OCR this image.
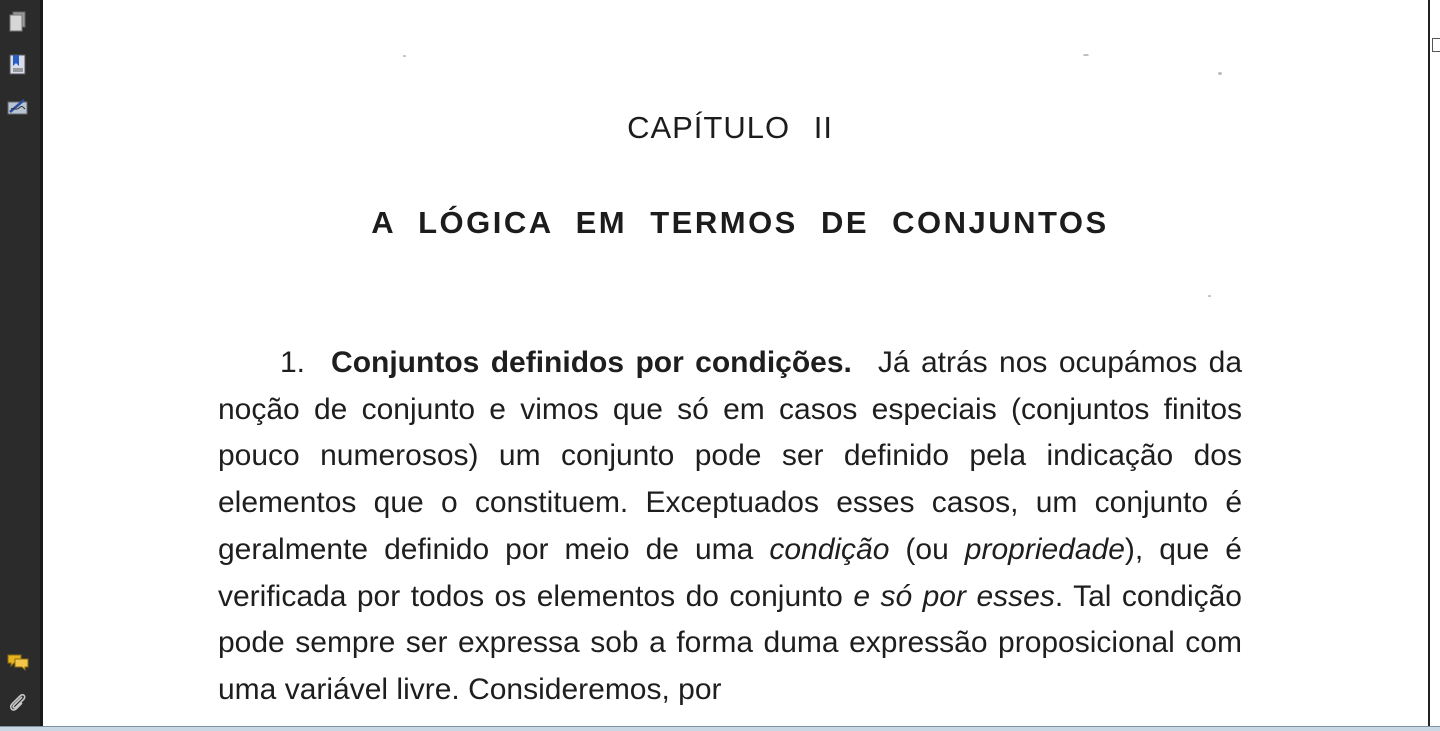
CAPÍTULO II
A LÓGICA EM TERMOS DE CONJUNTOS
1. Conjuntos definidos por condições. Já atrás nos ocupámos da noção de conjunto e vimos que só em casos especiais (conjuntos finitos pouco numerosos) um conjunto pode ser definido pela indicação dos elementos que o constituem. Exceptuados esses casos, um conjunto é geralmente definido por meio de uma condição (ou propriedade), que é verificada por todos os elementos do conjunto e só por esses. Tal condição pode sempre ser expressa sob a forma duma expressão proposicional com uma variável livre. Consideremos, por
